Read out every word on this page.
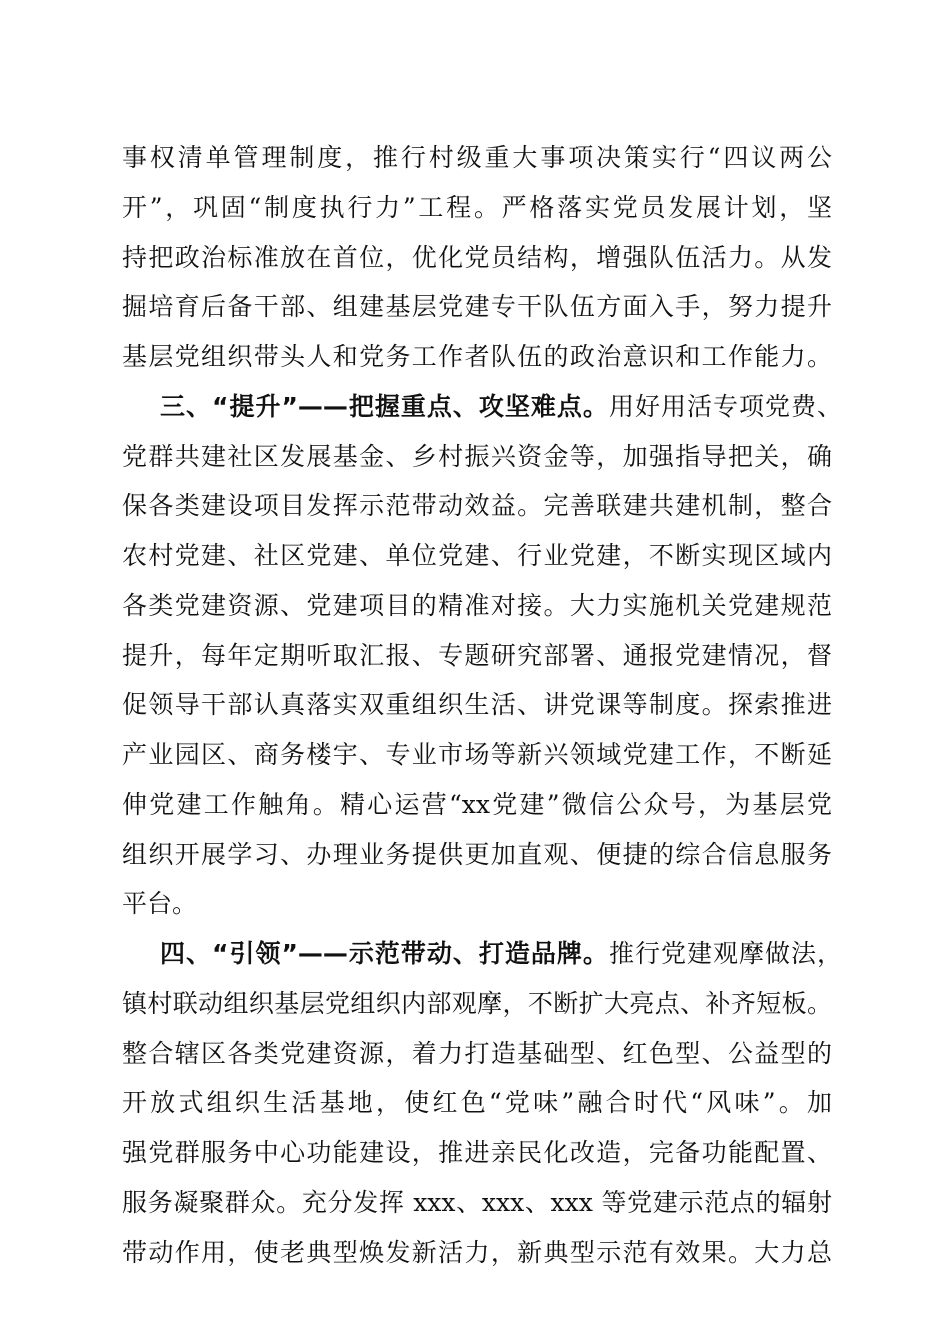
事权清单管理制度，推行村级重大事项决策实行“四议两公
开”，巩固“制度执行力”工程。严格落实党员发展计划，坚
持把政治标准放在首位，优化党员结构，增强队伍活力。从发
掘培育后备干部、组建基层党建专干队伍方面入手，努力提升
基层党组织带头人和党务工作者队伍的政治意识和工作能力。
三、“提升”——把握重点、攻坚难点。用好用活专项党费、
党群共建社区发展基金、乡村振兴资金等，加强指导把关，确
保各类建设项目发挥示范带动效益。完善联建共建机制，整合
农村党建、社区党建、单位党建、行业党建，不断实现区域内
各类党建资源、党建项目的精准对接。大力实施机关党建规范
提升，每年定期听取汇报、专题研究部署、通报党建情况，督
促领导干部认真落实双重组织生活、讲党课等制度。探索推进
产业园区、商务楼宇、专业市场等新兴领域党建工作，不断延
伸党建工作触角。精心运营“xx党建”微信公众号，为基层党
组织开展学习、办理业务提供更加直观、便捷的综合信息服务
平台。
四、“引领”——示范带动、打造品牌。推行党建观摩做法，
镇村联动组织基层党组织内部观摩，不断扩大亮点、补齐短板。
整合辖区各类党建资源，着力打造基础型、红色型、公益型的
开放式组织生活基地，使红色“党味”融合时代“风味”。加
强党群服务中心功能建设，推进亲民化改造，完备功能配置、
服务凝聚群众。充分发挥 xxx、xxx、xxx 等党建示范点的辐射
带动作用，使老典型焕发新活力，新典型示范有效果。大力总
